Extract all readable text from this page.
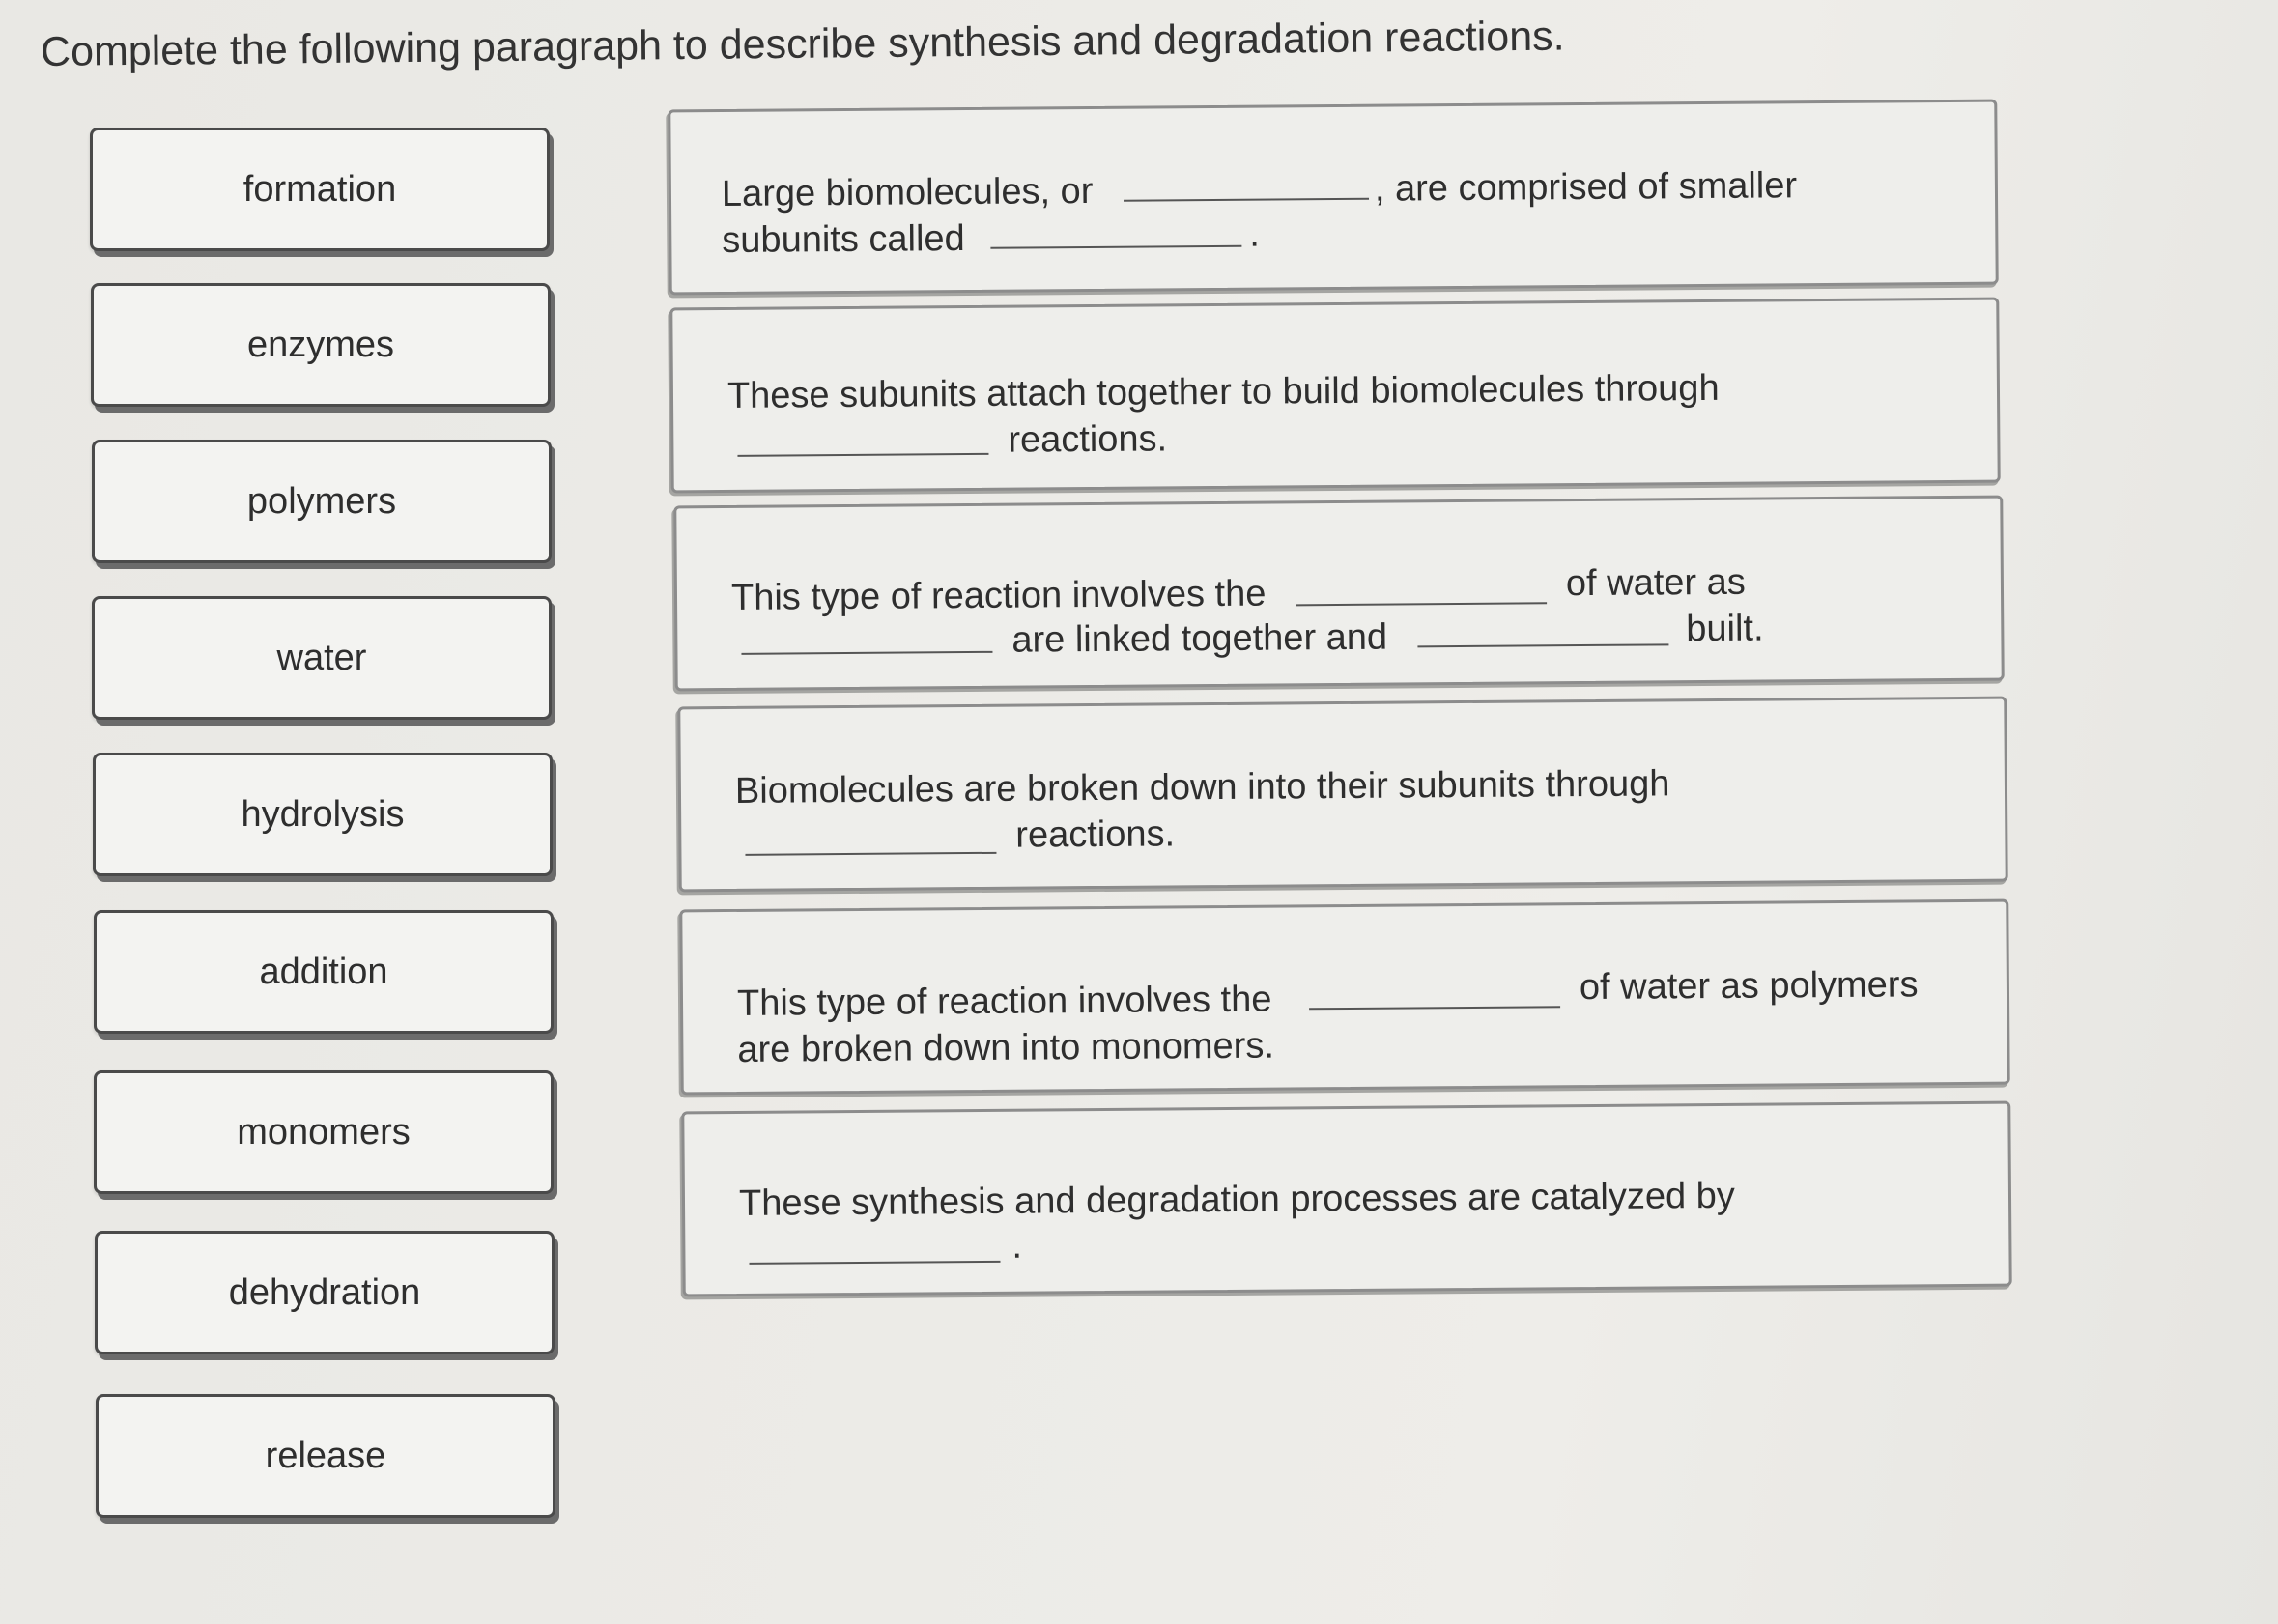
Complete the following paragraph to describe synthesis and degradation reactions.
formation
enzymes
polymers
water
hydrolysis
addition
monomers
dehydration
release
Large biomolecules, or	, are comprised of smaller
subunits called	.
These subunits attach together to build biomolecules through
reactions.
This type of reaction involves the	of water as
are linked together and	built.
Biomolecules are broken down into their subunits through
reactions.
This type of reaction involves the	of water as polymers
are broken down into monomers.
These synthesis and degradation processes are catalyzed by
.
